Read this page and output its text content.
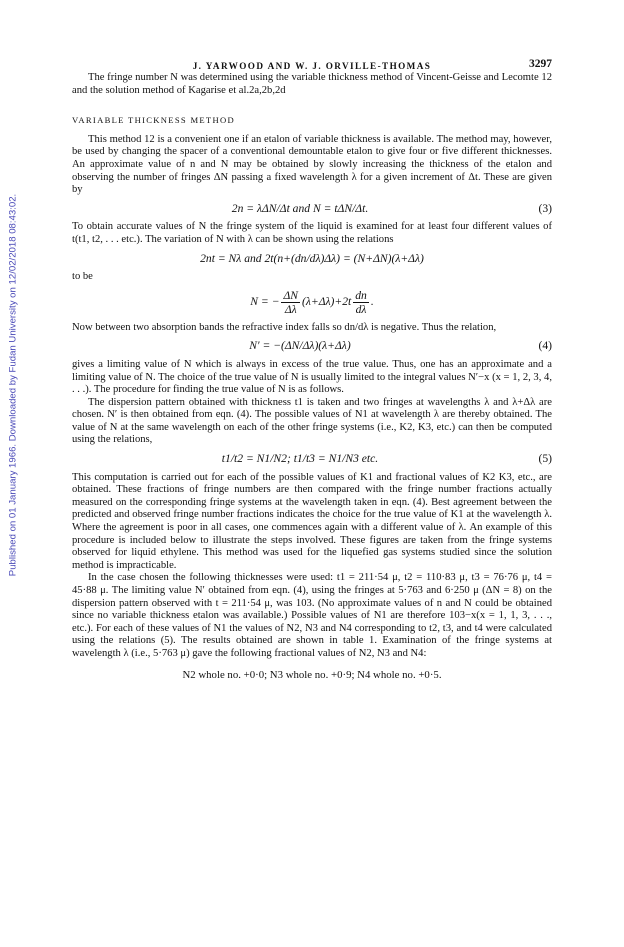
Published on 01 January 1966. Downloaded by Fudan University on 12/02/2018 08:43:02.
J. YARWOOD AND W. J. ORVILLE-THOMAS	3297

The fringe number N was determined using the variable thickness method of Vincent-Geisse and Lecomte 12 and the solution method of Kagarise et al.2a,2b,2d

VARIABLE THICKNESS METHOD

This method 12 is a convenient one if an etalon of variable thickness is available. The method may, however, be used by changing the spacer of a conventional demountable etalon to give four or five different thicknesses. An approximate value of n and N may be obtained by slowly increasing the thickness of the etalon and observing the number of fringes ΔN passing a fixed wavelength λ for a given increment of Δt. These are given by

2n = λΔN/Δt and N = tΔN/Δt.	(3)

To obtain accurate values of N the fringe system of the liquid is examined for at least four different values of t(t1, t2, . . . etc.). The variation of N with λ can be shown using the relations

2nt = Nλ and 2t(n+(dn/dλ)Δλ) = (N+ΔN)(λ+Δλ)

to be

N = − $\frac{\Delta N}{\Delta\lambda} (\lambda+\Delta\lambda)+2t \frac{dn}{d\lambda}$ .

Now between two absorption bands the refractive index falls so dn/dλ is negative. Thus the relation,

N′ = −(ΔN/Δλ)(λ+Δλ)	(4)

gives a limiting value of N which is always in excess of the true value. Thus, one has an approximate and a limiting value of N. The choice of the true value of N is usually limited to the integral values N′−x (x = 1, 2, 3, 4, . . .). The procedure for finding the true value of N is as follows.

The dispersion pattern obtained with thickness t1 is taken and two fringes at wavelengths λ and λ+Δλ are chosen. N′ is then obtained from eqn. (4). The possible values of N1 at wavelength λ are thereby obtained. The value of N at the same wavelength on each of the other fringe systems (i.e., K2, K3, etc.) can then be computed using the relations,

t1/t2 = N1/N2; t1/t3 = N1/N3 etc.	(5)

This computation is carried out for each of the possible values of K1 and fractional values of K2 K3, etc., are obtained. These fractions of fringe numbers are then compared with the fringe number fractions actually measured on the corresponding fringe systems at the wavelength taken in eqn. (4). Best agreement between the predicted and observed fringe number fractions indicates the choice for the true value of K1 at the wavelength λ. Where the agreement is poor in all cases, one commences again with a different value of λ. An example of this procedure is included below to illustrate the steps involved. These figures are taken from the fringe systems observed for liquid ethylene. This method was used for the liquefied gas systems studied since the solution method is impracticable.

In the case chosen the following thicknesses were used: t1 = 211·54 μ, t2 = 110·83 μ, t3 = 76·76 μ, t4 = 45·88 μ. The limiting value N′ obtained from eqn. (4), using the fringes at 5·763 and 6·250 μ (ΔN = 8) on the dispersion pattern observed with t = 211·54 μ, was 103. (No approximate values of n and N could be obtained since no variable thickness etalon was available.) Possible values of N1 are therefore 103−x(x = 1, 1, 3, . . ., etc.). For each of these values of N1 the values of N2, N3 and N4 corresponding to t2, t3, and t4 were calculated using the relations (5). The results obtained are shown in table 1. Examination of the fringe systems at wavelength λ (i.e., 5·763 μ) gave the following fractional values of N2, N3 and N4:

N2 whole no. +0·0; N3 whole no. +0·9; N4 whole no. +0·5.
